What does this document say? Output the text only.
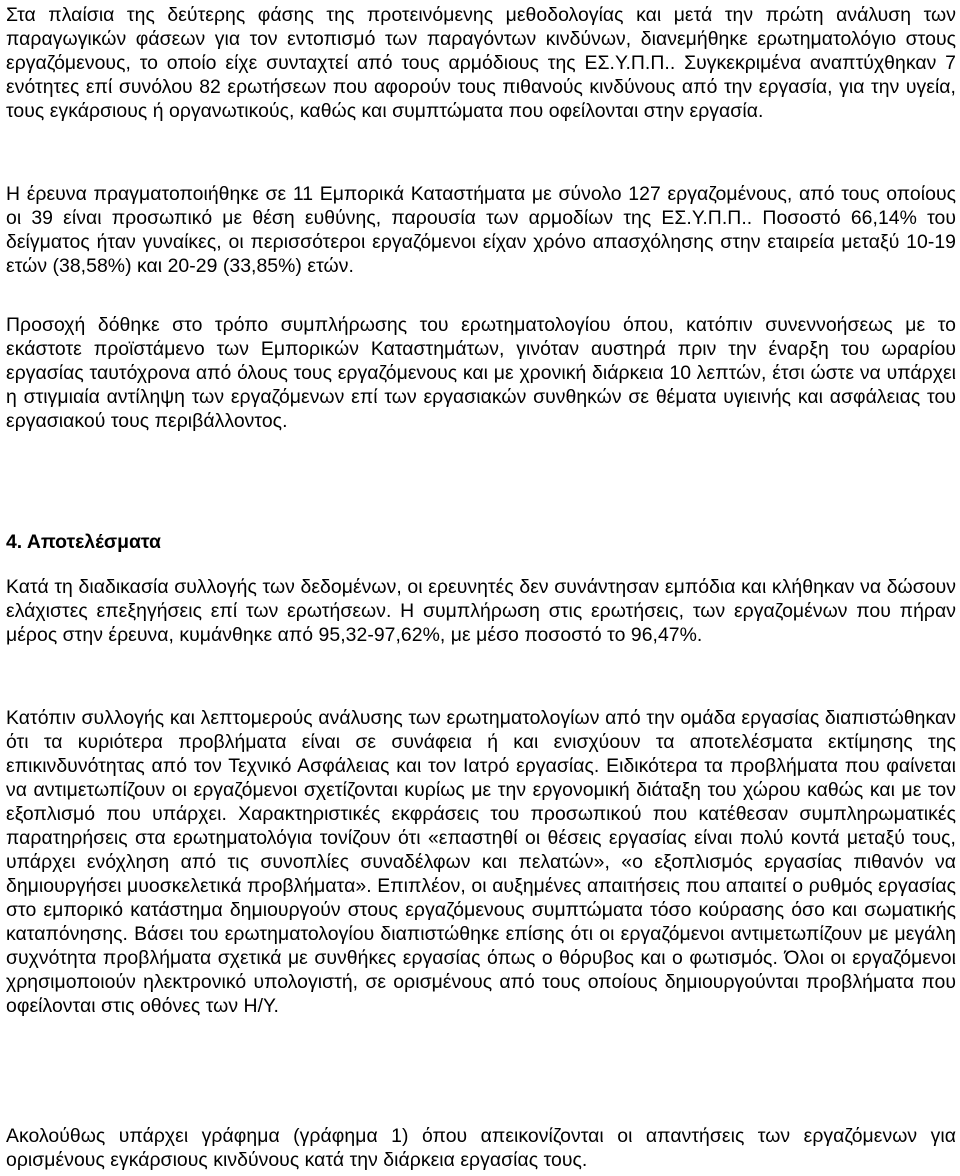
Στα πλαίσια της δεύτερης φάσης της προτεινόμενης μεθοδολογίας και μετά την πρώτη ανάλυση των παραγωγικών φάσεων για τον εντοπισμό των παραγόντων κινδύνων, διανεμήθηκε ερωτηματολόγιο στους εργαζόμενους, το οποίο είχε συνταχτεί από τους αρμόδιους της ΕΣ.Υ.Π.Π.. Συγκεκριμένα αναπτύχθηκαν 7 ενότητες επί συνόλου 82 ερωτήσεων που αφορούν τους πιθανούς κινδύνους από την εργασία, για την υγεία, τους εγκάρσιους ή οργανωτικούς, καθώς και συμπτώματα που οφείλονται στην εργασία.

Η έρευνα πραγματοποιήθηκε σε 11 Εμπορικά Καταστήματα με σύνολο 127 εργαζομένους, από τους οποίους οι 39 είναι προσωπικό με θέση ευθύνης, παρουσία των αρμοδίων της ΕΣ.Υ.Π.Π.. Ποσοστό 66,14% του δείγματος ήταν γυναίκες, οι περισσότεροι εργαζόμενοι είχαν χρόνο απασχόλησης στην εταιρεία μεταξύ 10-19 ετών (38,58%) και 20-29 (33,85%) ετών.

Προσοχή δόθηκε στο τρόπο συμπλήρωσης του ερωτηματολογίου όπου, κατόπιν συνεννοήσεως με το εκάστοτε προϊστάμενο των Εμπορικών Καταστημάτων, γινόταν αυστηρά πριν την έναρξη του ωραρίου εργασίας ταυτόχρονα από όλους τους εργαζόμενους και με χρονική διάρκεια 10 λεπτών, έτσι ώστε να υπάρχει η στιγμιαία αντίληψη των εργαζόμενων επί των εργασιακών συνθηκών σε θέματα υγιεινής και ασφάλειας του εργασιακού τους περιβάλλοντος.

4. Αποτελέσματα

Κατά τη διαδικασία συλλογής των δεδομένων, οι ερευνητές δεν συνάντησαν εμπόδια και κλήθηκαν να δώσουν ελάχιστες επεξηγήσεις επί των ερωτήσεων. Η συμπλήρωση στις ερωτήσεις, των εργαζομένων που πήραν μέρος στην έρευνα, κυμάνθηκε από 95,32-97,62%, με μέσο ποσοστό το 96,47%.

Κατόπιν συλλογής και λεπτομερούς ανάλυσης των ερωτηματολογίων από την ομάδα εργασίας διαπιστώθηκαν ότι τα κυριότερα προβλήματα είναι σε συνάφεια ή και ενισχύουν τα αποτελέσματα εκτίμησης της επικινδυνότητας από τον Τεχνικό Ασφάλειας και τον Ιατρό εργασίας. Ειδικότερα τα προβλήματα που φαίνεται να αντιμετωπίζουν οι εργαζόμενοι σχετίζονται κυρίως με την εργονομική διάταξη του χώρου καθώς και με τον εξοπλισμό που υπάρχει. Χαρακτηριστικές εκφράσεις του προσωπικού που κατέθεσαν συμπληρωματικές παρατηρήσεις στα ερωτηματολόγια τονίζουν ότι «επαστηθί οι θέσεις εργασίας είναι πολύ κοντά μεταξύ τους, υπάρχει ενόχληση από τις συνοπλίες συναδέλφων και πελατών», «ο εξοπλισμός εργασίας πιθανόν να δημιουργήσει μυοσκελετικά προβλήματα». Επιπλέον, οι αυξημένες απαιτήσεις που απαιτεί ο ρυθμός εργασίας στο εμπορικό κατάστημα δημιουργούν στους εργαζόμενους συμπτώματα τόσο κούρασης όσο και σωματικής καταπόνησης. Βάσει του ερωτηματολογίου διαπιστώθηκε επίσης ότι οι εργαζόμενοι αντιμετωπίζουν με μεγάλη συχνότητα προβλήματα σχετικά με συνθήκες εργασίας όπως ο θόρυβος και ο φωτισμός. Όλοι οι εργαζόμενοι χρησιμοποιούν ηλεκτρονικό υπολογιστή, σε ορισμένους από τους οποίους δημιουργούνται προβλήματα που οφείλονται στις οθόνες των Η/Υ.

Ακολούθως υπάρχει γράφημα (γράφημα 1) όπου απεικονίζονται οι απαντήσεις των εργαζόμενων για ορισμένους εγκάρσιους κινδύνους κατά την διάρκεια εργασίας τους.
